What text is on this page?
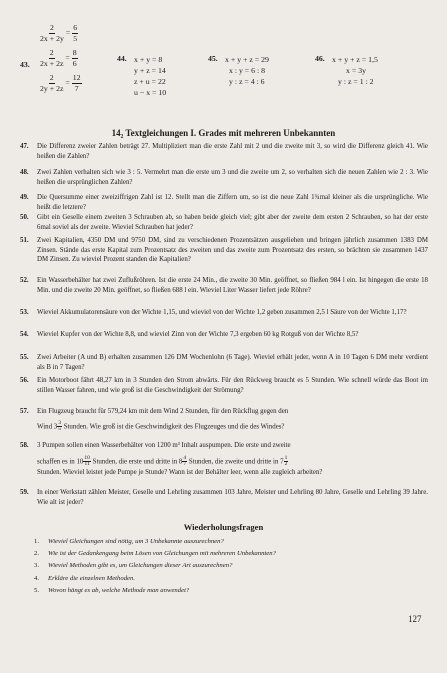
43.
$\frac{2}{2x + 2y} = \frac{6}{5}$
$\frac{2}{2x + 2z} = \frac{8}{6}$
$\frac{2}{2y + 2z} = \frac{12}{7}$
44. x + y = 8
y + z = 14
z + u = 22
u − x = 10
45. x + y + z = 29
x : y = 6 : 8
y : z = 4 : 6
46. x + y + z = 1,5
x = 3y
y : z = 1 : 2
14₂ Textgleichungen I. Grades mit mehreren Unbekannten
47. Die Differenz zweier Zahlen beträgt 27. Multipliziert man die erste Zahl mit 2 und die zweite mit 3, so wird die Differenz gleich 41. Wie heißen die Zahlen?
48. Zwei Zahlen verhalten sich wie 3 : 5. Vermehrt man die erste um 3 und die zweite um 2, so verhalten sich die neuen Zahlen wie 2 : 3. Wie heißen die ursprünglichen Zahlen?
49. Die Quersumme einer zweiziffrigen Zahl ist 12. Stellt man die Ziffern um, so ist die neue Zahl 1¾mal kleiner als die ursprüngliche. Wie heißt die letztere?
50. Gibt ein Geselle einem zweiten 3 Schrauben ab, so haben beide gleich viel; gibt aber der zweite dem ersten 2 Schrauben, so hat der erste 6mal soviel als der zweite. Wieviel Schrauben hat jeder?
51. Zwei Kapitalien, 4350 DM und 9750 DM, sind zu verschiedenen Prozentsätzen ausgeliehen und bringen jährlich zusammen 1383 DM Zinsen. Stände das erste Kapital zum Prozentsatz des zweiten und das zweite zum Prozentsatz des ersten, so brächten sie zusammen 1437 DM Zinsen. Zu wieviel Prozent standen die Kapitalien?
52. Ein Wasserbehälter hat zwei Zuflußröhren. Ist die erste 24 Min., die zweite 30 Min. geöffnet, so fließen 984 l ein. Ist hingegen die erste 18 Min. und die zweite 20 Min. geöffnet, so fließen 688 l ein. Wieviel Liter Wasser liefert jede Röhre?
53. Wieviel Akkumulatorensäure von der Wichte 1,15, und wieviel von der Wichte 1,2 geben zusammen 2,5 l Säure von der Wichte 1,17?
54. Wieviel Kupfer von der Wichte 8,8, und wieviel Zinn von der Wichte 7,3 ergeben 60 kg Rotguß von der Wichte 8,5?
55. Zwei Arbeiter (A und B) erhalten zusammen 126 DM Wochenlohn (6 Tage). Wieviel erhält jeder, wenn A in 10 Tagen 6 DM mehr verdient als B in 7 Tagen?
56. Ein Motorboot fährt 48,27 km in 3 Stunden den Strom abwärts. Für den Rückweg braucht es 5 Stunden. Wie schnell würde das Boot im stillen Wasser fahren, und wie groß ist die Geschwindigkeit der Strömung?
57. Ein Flugzeug braucht für 579,24 km mit dem Wind 2 Stunden, für den Rückflug gegen den
Wind $3 \frac{3}{5}$ Stunden. Wie groß ist die Geschwindigkeit des Flugzeuges und die des Windes?
58. 3 Pumpen sollen einen Wasserbehälter von 1200 m³ Inhalt auspumpen. Die erste und zweite
schaffen es in $10 \frac{10}{11}$ Stunden, die erste und dritte in $8 \frac{4}{7}$ Stunden, die zweite und dritte in $7 \frac{1}{2}$

Stunden. Wieviel leistet jede Pumpe je Stunde? Wann ist der Behälter leer, wenn alle zugleich arbeiten?
59. In einer Werkstatt zählen Meister, Geselle und Lehrling zusammen 103 Jahre, Meister und Lehrling 80 Jahre, Geselle und Lehrling 39 Jahre. Wie alt ist jeder?
Wiederholungsfragen
1. Wieviel Gleichungen sind nötig, um 3 Unbekannte auszurechnen?
2. Wie ist der Gedankengang beim Lösen von Gleichungen mit mehreren Unbekannten?
3. Wieviel Methoden gibt es, um Gleichungen dieser Art auszurechnen?
4. Erkläre die einzelnen Methoden.
5. Wovon hängt es ab, welche Methode man anwendet?
127
